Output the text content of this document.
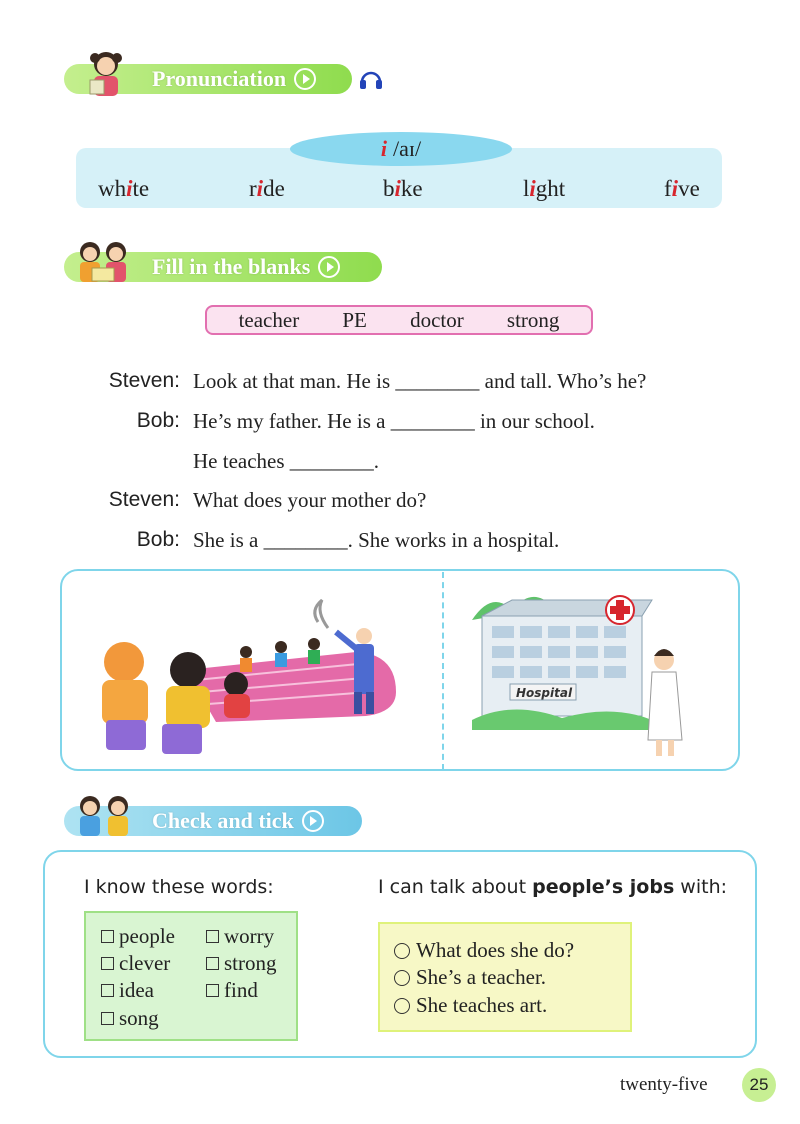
Pronunciation
i /aɪ/
white	ride	bike	light	five
Fill in the blanks
teacher PE doctor strong
Steven: Look at that man. He is ________ and tall. Who’s he?
Bob: He’s my father. He is a ________ in our school.
He teaches ________.
Steven: What does your mother do?
Bob: She is a ________. She works in a hospital.
Hospital
Check and tick
I know these words:	I can talk about people’s jobs with:
people
clever
idea
song
worry
strong
find
What does she do?
She’s a teacher.
She teaches art.
twenty-five	25
